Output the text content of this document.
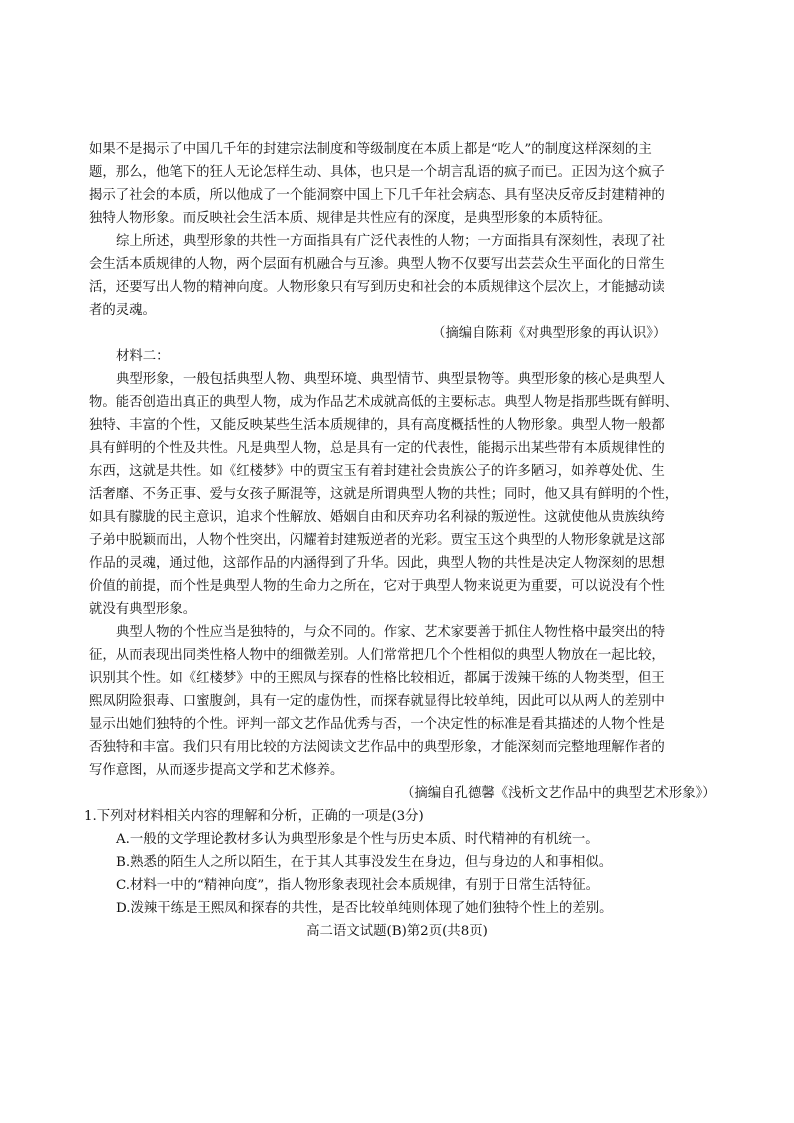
如果不是揭示了中国几千年的封建宗法制度和等级制度在本质上都是“吃人”的制度这样深刻的主
题，那么，他笔下的狂人无论怎样生动、具体，也只是一个胡言乱语的疯子而已。正因为这个疯子
揭示了社会的本质，所以他成了一个能洞察中国上下几千年社会病态、具有坚决反帝反封建精神的
独特人物形象。而反映社会生活本质、规律是共性应有的深度，是典型形象的本质特征。
综上所述，典型形象的共性一方面指具有广泛代表性的人物；一方面指具有深刻性，表现了社
会生活本质规律的人物，两个层面有机融合与互渗。典型人物不仅要写出芸芸众生平面化的日常生
活，还要写出人物的精神向度。人物形象只有写到历史和社会的本质规律这个层次上，才能撼动读
者的灵魂。
（摘编自陈莉《对典型形象的再认识》）
材料二：
典型形象，一般包括典型人物、典型环境、典型情节、典型景物等。典型形象的核心是典型人
物。能否创造出真正的典型人物，成为作品艺术成就高低的主要标志。典型人物是指那些既有鲜明、
独特、丰富的个性，又能反映某些生活本质规律的，具有高度概括性的人物形象。典型人物一般都
具有鲜明的个性及共性。凡是典型人物，总是具有一定的代表性，能揭示出某些带有本质规律性的
东西，这就是共性。如《红楼梦》中的贾宝玉有着封建社会贵族公子的许多陋习，如养尊处优、生
活奢靡、不务正事、爱与女孩子厮混等，这就是所谓典型人物的共性；同时，他又具有鲜明的个性，
如具有朦胧的民主意识，追求个性解放、婚姻自由和厌弃功名利禄的叛逆性。这就使他从贵族纨绔
子弟中脱颖而出，人物个性突出，闪耀着封建叛逆者的光彩。贾宝玉这个典型的人物形象就是这部
作品的灵魂，通过他，这部作品的内涵得到了升华。因此，典型人物的共性是决定人物深刻的思想
价值的前提，而个性是典型人物的生命力之所在，它对于典型人物来说更为重要，可以说没有个性
就没有典型形象。
典型人物的个性应当是独特的，与众不同的。作家、艺术家要善于抓住人物性格中最突出的特
征，从而表现出同类性格人物中的细微差别。人们常常把几个个性相似的典型人物放在一起比较，
识别其个性。如《红楼梦》中的王熙凤与探春的性格比较相近，都属于泼辣干练的人物类型，但王
熙凤阴险狠毒、口蜜腹剑，具有一定的虚伪性，而探春就显得比较单纯，因此可以从两人的差别中
显示出她们独特的个性。评判一部文艺作品优秀与否，一个决定性的标准是看其描述的人物个性是
否独特和丰富。我们只有用比较的方法阅读文艺作品中的典型形象，才能深刻而完整地理解作者的
写作意图，从而逐步提高文学和艺术修养。
（摘编自孔德馨《浅析文艺作品中的典型艺术形象》）
1.下列对材料相关内容的理解和分析，正确的一项是(3分)
A.一般的文学理论教材多认为典型形象是个性与历史本质、时代精神的有机统一。
B.熟悉的陌生人之所以陌生，在于其人其事没发生在身边，但与身边的人和事相似。
C.材料一中的“精神向度”，指人物形象表现社会本质规律，有别于日常生活特征。
D.泼辣干练是王熙凤和探春的共性，是否比较单纯则体现了她们独特个性上的差别。
高二语文试题(B)第2页(共8页)
